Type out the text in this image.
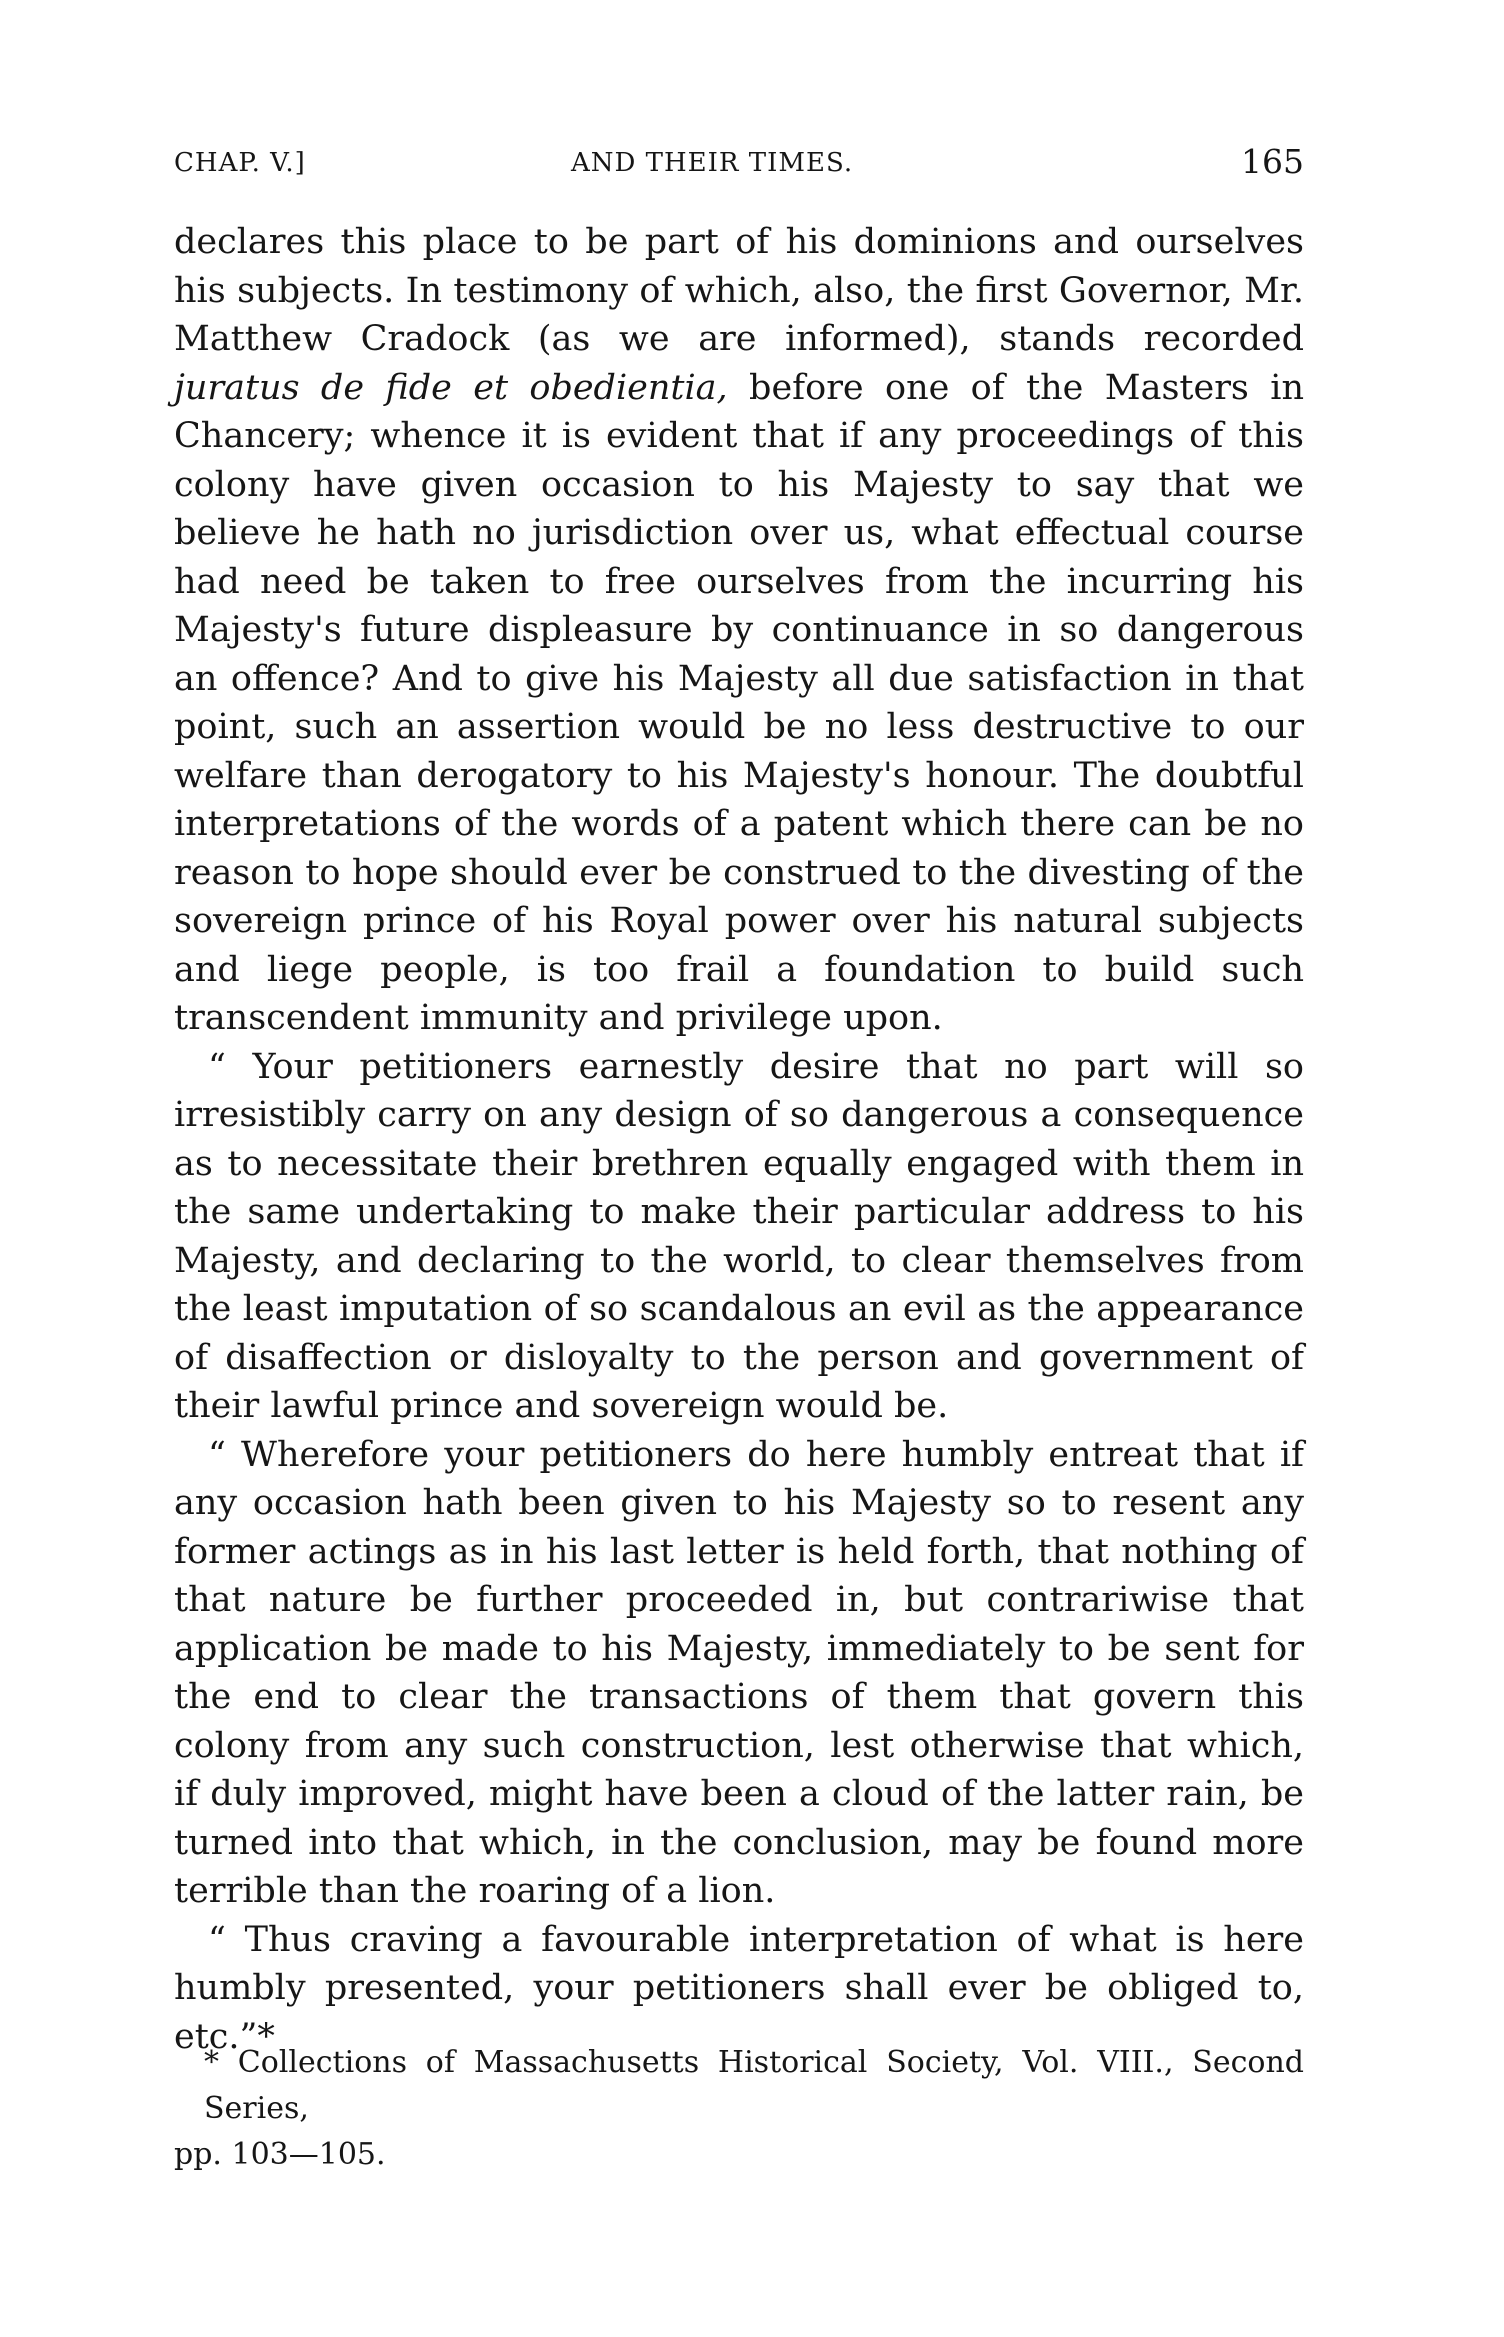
CHAP. V.]	AND THEIR TIMES.	165

declares this place to be part of his dominions and ourselves his subjects. In testimony of which, also, the first Governor, Mr. Matthew Cradock (as we are informed), stands recorded juratus de fide et obedientia, before one of the Masters in Chancery; whence it is evident that if any proceedings of this colony have given occasion to his Majesty to say that we believe he hath no jurisdiction over us, what effectual course had need be taken to free ourselves from the incurring his Majesty's future displeasure by continuance in so dangerous an offence? And to give his Majesty all due satisfaction in that point, such an assertion would be no less destructive to our welfare than derogatory to his Majesty's honour. The doubtful interpretations of the words of a patent which there can be no reason to hope should ever be construed to the divesting of the sovereign prince of his Royal power over his natural subjects and liege people, is too frail a foundation to build such transcendent immunity and privilege upon.

“ Your petitioners earnestly desire that no part will so irresistibly carry on any design of so dangerous a consequence as to necessitate their brethren equally engaged with them in the same undertaking to make their particular address to his Majesty, and declaring to the world, to clear themselves from the least imputation of so scandalous an evil as the appearance of disaffection or disloyalty to the person and government of their lawful prince and sovereign would be.

“ Wherefore your petitioners do here humbly entreat that if any occasion hath been given to his Majesty so to resent any former actings as in his last letter is held forth, that nothing of that nature be further proceeded in, but contrariwise that application be made to his Majesty, immediately to be sent for the end to clear the transactions of them that govern this colony from any such construction, lest otherwise that which, if duly improved, might have been a cloud of the latter rain, be turned into that which, in the conclusion, may be found more terrible than the roaring of a lion.

“ Thus craving a favourable interpretation of what is here humbly presented, your petitioners shall ever be obliged to, etc.”*

* Collections of Massachusetts Historical Society, Vol. VIII., Second Series,

pp. 103—105.
